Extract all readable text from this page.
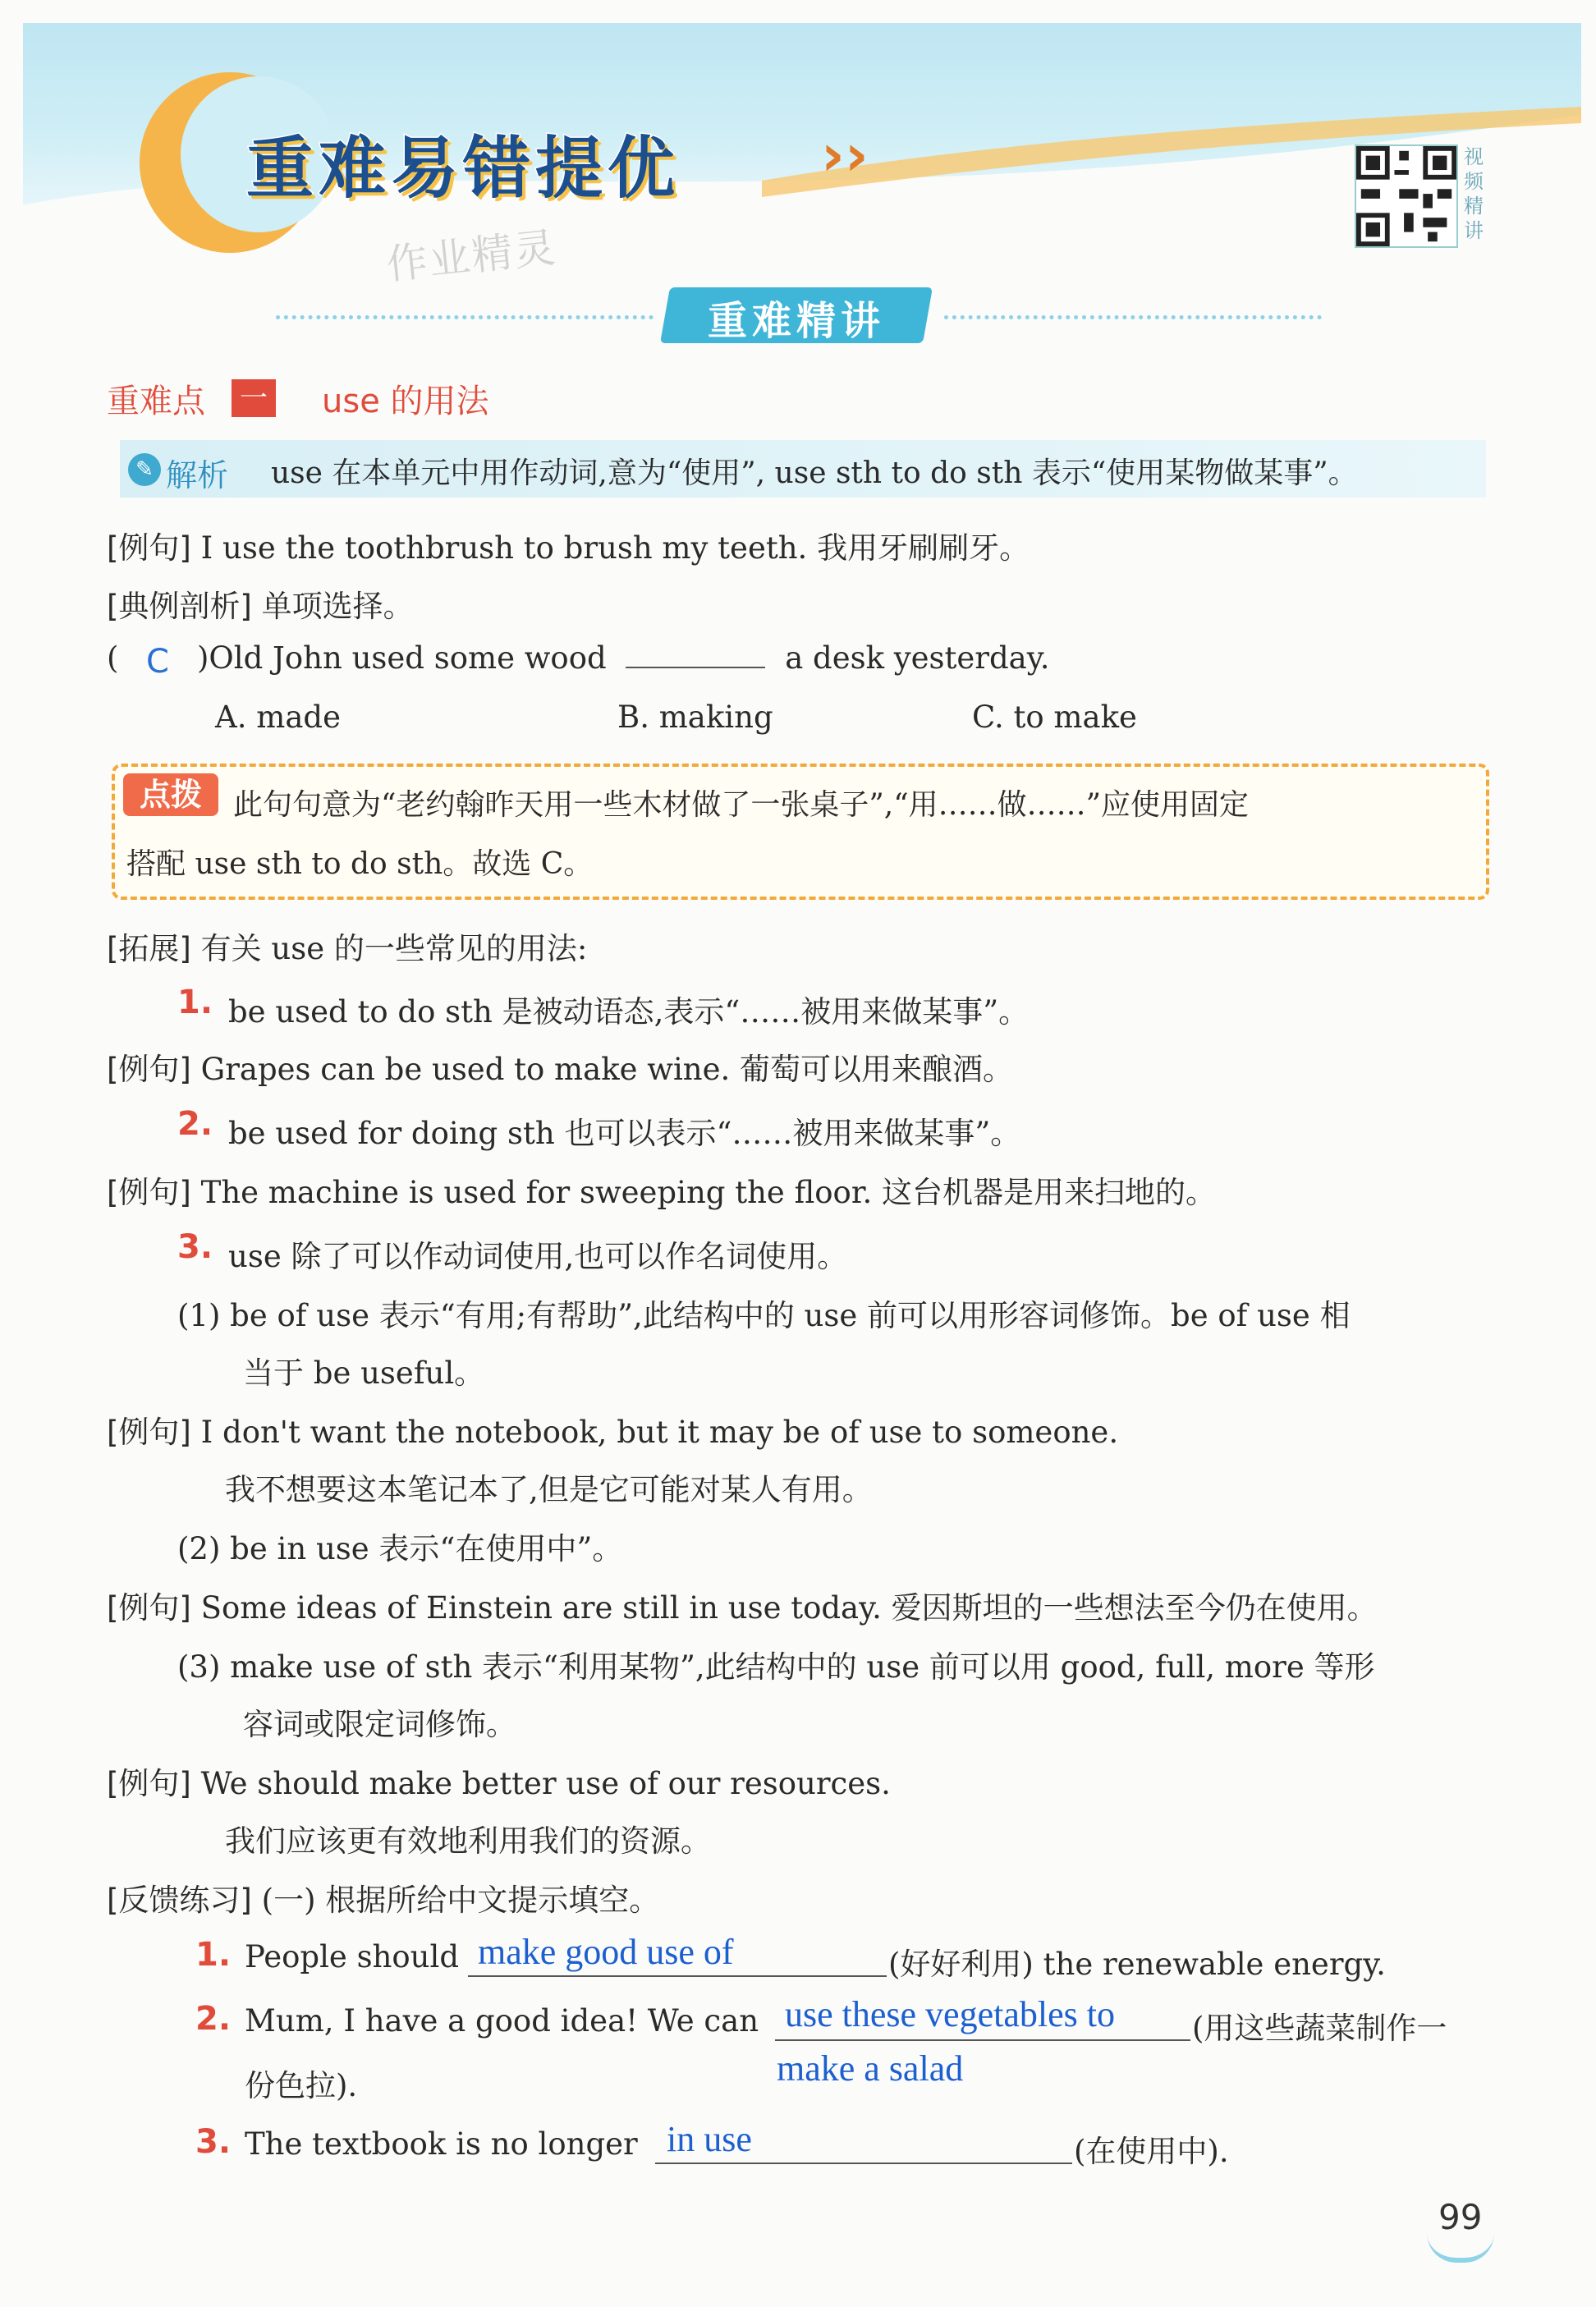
重难易错提优 ››
作业精灵
视频精讲
重难精讲
重难点 一 use 的用法
✎ 解析 use 在本单元中用作动词,意为“使用”, use sth to do sth 表示“使用某物做某事”。
[例句] I use the toothbrush to brush my teeth. 我用牙刷刷牙。
[典例剖析] 单项选择。
( C )Old John used some wood	a desk yesterday.
A. made	B. making	C. to make
点拨	此句句意为“老约翰昨天用一些木材做了一张桌子”,“用……做……”应使用固定
搭配 use sth to do sth。故选 C。
[拓展] 有关 use 的一些常见的用法:
1. be used to do sth 是被动语态,表示“……被用来做某事”。
[例句] Grapes can be used to make wine. 葡萄可以用来酿酒。
2. be used for doing sth 也可以表示“……被用来做某事”。
[例句] The machine is used for sweeping the floor. 这台机器是用来扫地的。
3. use 除了可以作动词使用,也可以作名词使用。
(1) be of use 表示“有用;有帮助”,此结构中的 use 前可以用形容词修饰。be of use 相
当于 be useful。
[例句] I don't want the notebook, but it may be of use to someone.
我不想要这本笔记本了,但是它可能对某人有用。
(2) be in use 表示“在使用中”。
[例句] Some ideas of Einstein are still in use today. 爱因斯坦的一些想法至今仍在使用。
(3) make use of sth 表示“利用某物”,此结构中的 use 前可以用 good, full, more 等形
容词或限定词修饰。
[例句] We should make better use of our resources.
我们应该更有效地利用我们的资源。
[反馈练习] (一) 根据所给中文提示填空。
1. People should make good use of	(好好利用) the renewable energy.
2. Mum, I have a good idea! We can use these vegetables to	(用这些蔬菜制作一
make a salad
份色拉).
3. The textbook is no longer in use	(在使用中).
99
